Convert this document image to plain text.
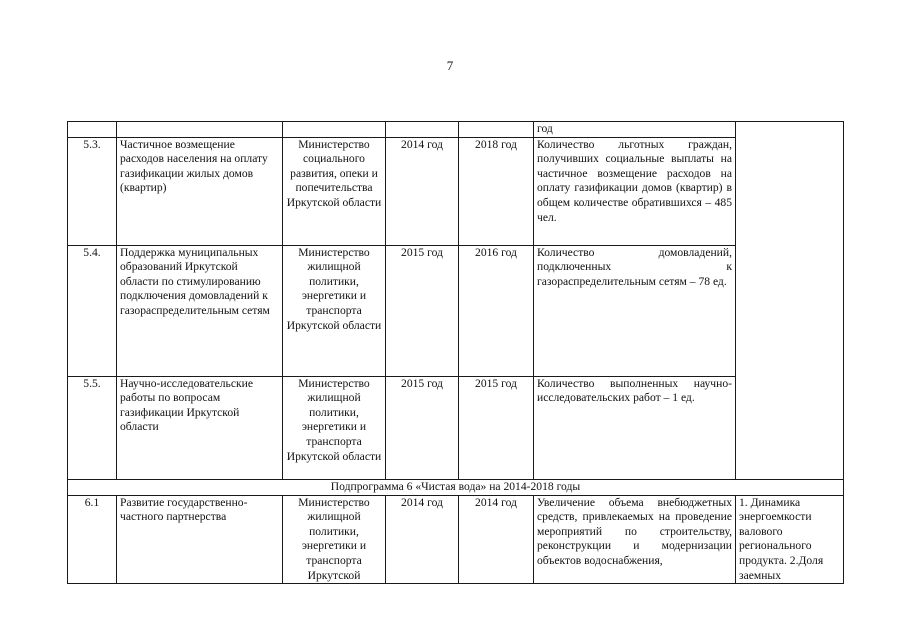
7
					год	
5.3.	Частичное возмещение расходов населения на оплату газификации жилых домов (квартир)	Министерство социального развития, опеки и попечительства Иркутской области	2014 год	2018 год	Количество льготных граждан, получивших социальные выплаты на частичное возмещение расходов на оплату газификации домов (квартир) в общем количестве обратившихся – 485 чел.	
5.4.	Поддержка муниципальных образований Иркутской области по стимулированию подключения домовладений к газораспределительным сетям	Министерство жилищной политики, энергетики и транспорта Иркутской области	2015 год	2016 год	Количество домовладений, подключенных к газораспределительным сетям – 78 ед.	
5.5.	Научно-исследовательские работы по вопросам газификации Иркутской области	Министерство жилищной политики, энергетики и транспорта Иркутской области	2015 год	2015 год	Количество выполненных научно-исследовательских работ – 1 ед.	
Подпрограмма 6 «Чистая вода» на 2014-2018 годы						
6.1	Развитие государственно-частного партнерства	Министерство жилищной политики, энергетики и транспорта Иркутской	2014 год	2014 год	Увеличение объема внебюджетных средств, привлекаемых на проведение мероприятий по строительству, реконструкции и модернизации объектов водоснабжения,	1. Динамика энергоемкости валового регионального продукта. 2.Доля заемных
